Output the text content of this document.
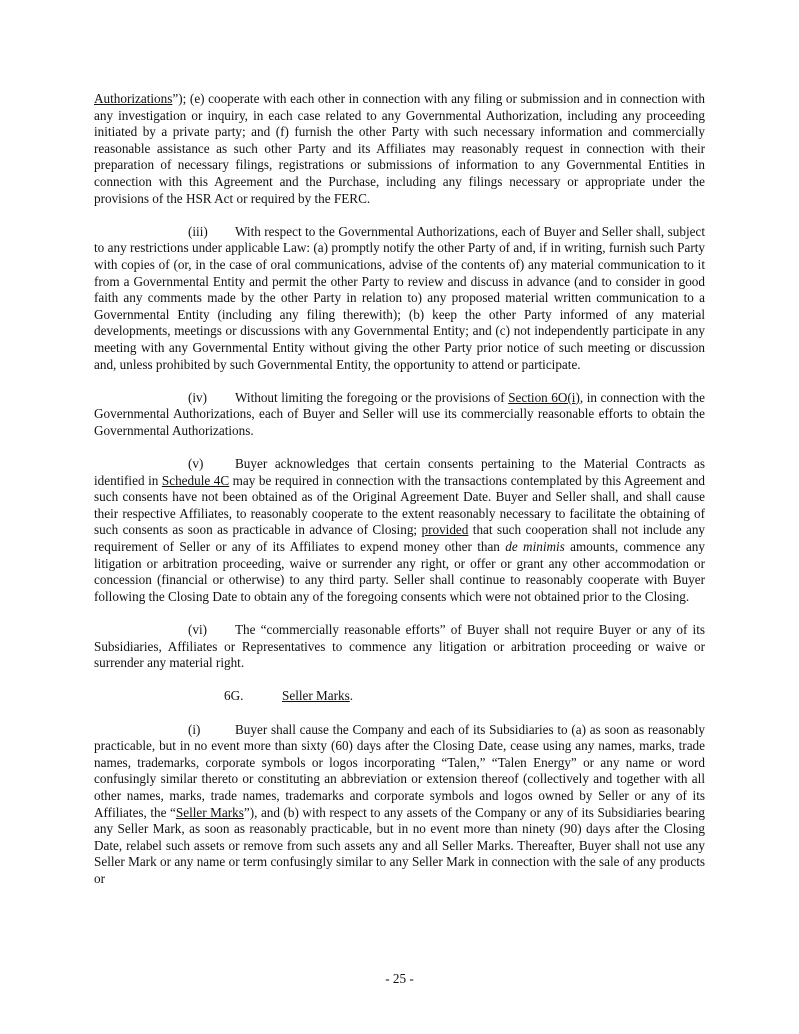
Authorizations”); (e) cooperate with each other in connection with any filing or submission and in connection with any investigation or inquiry, in each case related to any Governmental Authorization, including any proceeding initiated by a private party; and (f) furnish the other Party with such necessary information and commercially reasonable assistance as such other Party and its Affiliates may reasonably request in connection with their preparation of necessary filings, registrations or submissions of information to any Governmental Entities in connection with this Agreement and the Purchase, including any filings necessary or appropriate under the provisions of the HSR Act or required by the FERC.

(iii) With respect to the Governmental Authorizations, each of Buyer and Seller shall, subject to any restrictions under applicable Law: (a) promptly notify the other Party of and, if in writing, furnish such Party with copies of (or, in the case of oral communications, advise of the contents of) any material communication to it from a Governmental Entity and permit the other Party to review and discuss in advance (and to consider in good faith any comments made by the other Party in relation to) any proposed material written communication to a Governmental Entity (including any filing therewith); (b) keep the other Party informed of any material developments, meetings or discussions with any Governmental Entity; and (c) not independently participate in any meeting with any Governmental Entity without giving the other Party prior notice of such meeting or discussion and, unless prohibited by such Governmental Entity, the opportunity to attend or participate.

(iv) Without limiting the foregoing or the provisions of Section 6O(i), in connection with the Governmental Authorizations, each of Buyer and Seller will use its commercially reasonable efforts to obtain the Governmental Authorizations.

(v) Buyer acknowledges that certain consents pertaining to the Material Contracts as identified in Schedule 4C may be required in connection with the transactions contemplated by this Agreement and such consents have not been obtained as of the Original Agreement Date. Buyer and Seller shall, and shall cause their respective Affiliates, to reasonably cooperate to the extent reasonably necessary to facilitate the obtaining of such consents as soon as practicable in advance of Closing; provided that such cooperation shall not include any requirement of Seller or any of its Affiliates to expend money other than de minimis amounts, commence any litigation or arbitration proceeding, waive or surrender any right, or offer or grant any other accommodation or concession (financial or otherwise) to any third party. Seller shall continue to reasonably cooperate with Buyer following the Closing Date to obtain any of the foregoing consents which were not obtained prior to the Closing.

(vi) The “commercially reasonable efforts” of Buyer shall not require Buyer or any of its Subsidiaries, Affiliates or Representatives to commence any litigation or arbitration proceeding or waive or surrender any material right.

6G.	Seller Marks.

(i)	Buyer shall cause the Company and each of its Subsidiaries to (a) as soon as reasonably practicable, but in no event more than sixty (60) days after the Closing Date, cease using any names, marks, trade names, trademarks, corporate symbols or logos incorporating “Talen,” “Talen Energy” or any name or word confusingly similar thereto or constituting an abbreviation or extension thereof (collectively and together with all other names, marks, trade names, trademarks and corporate symbols and logos owned by Seller or any of its Affiliates, the “Seller Marks”), and (b) with respect to any assets of the Company or any of its Subsidiaries bearing any Seller Mark, as soon as reasonably practicable, but in no event more than ninety (90) days after the Closing Date, relabel such assets or remove from such assets any and all Seller Marks. Thereafter, Buyer shall not use any Seller Mark or any name or term confusingly similar to any Seller Mark in connection with the sale of any products or

- 25 -
